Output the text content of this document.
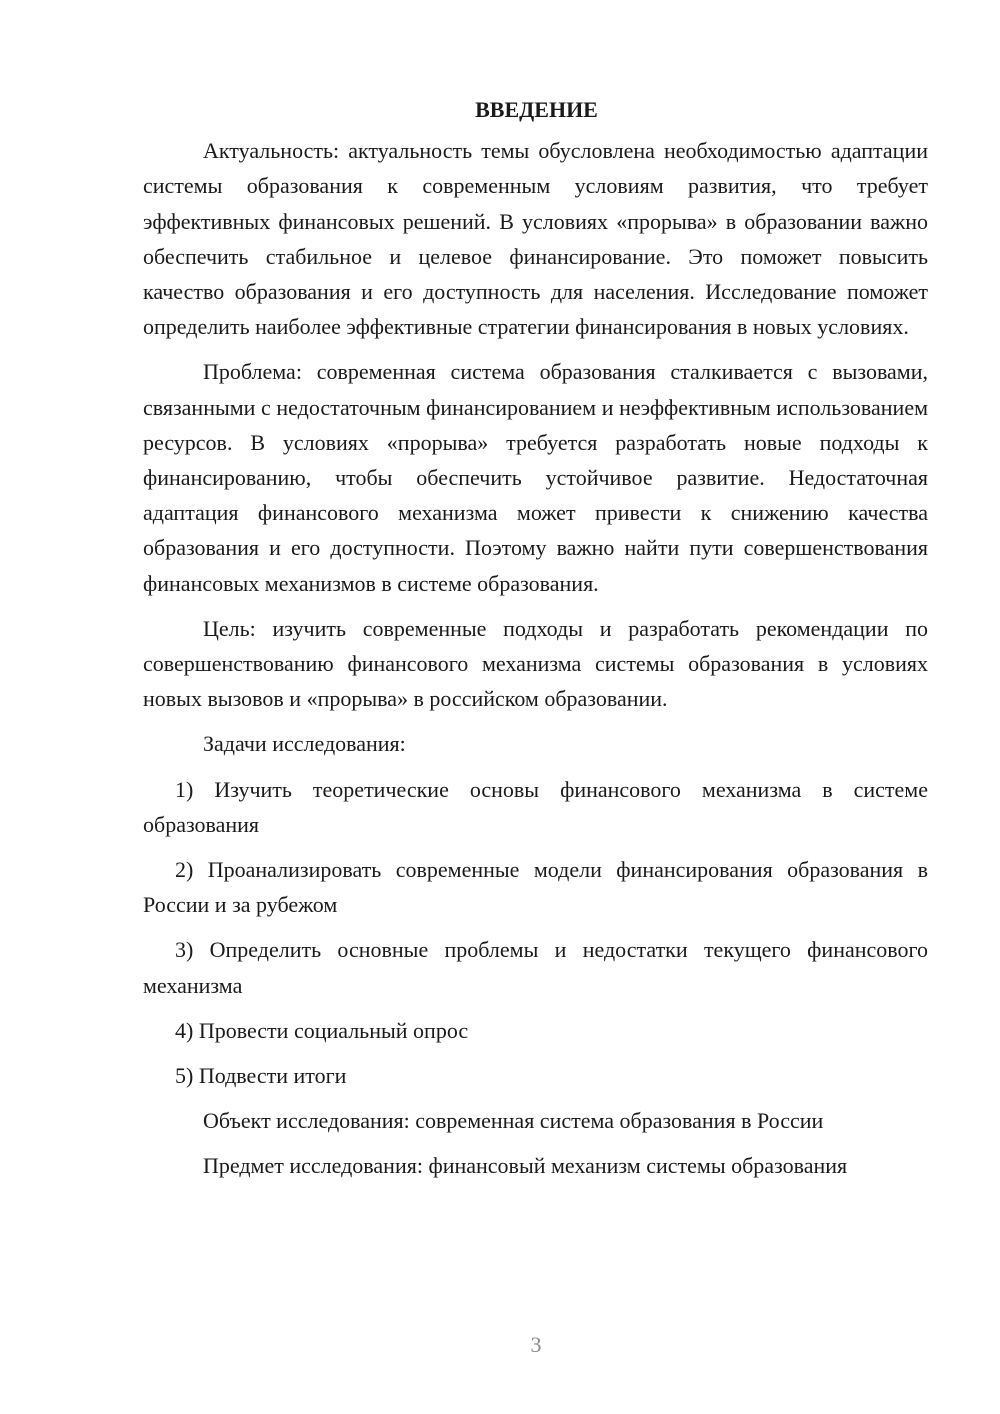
ВВЕДЕНИЕ

Актуальность: актуальность темы обусловлена необходимостью адаптации системы образования к современным условиям развития, что требует эффективных финансовых решений. В условиях «прорыва» в образовании важно обеспечить стабильное и целевое финансирование. Это поможет повысить качество образования и его доступность для населения. Исследование поможет определить наиболее эффективные стратегии финансирования в новых условиях.

Проблема: современная система образования сталкивается с вызовами, связанными с недостаточным финансированием и неэффективным использованием ресурсов. В условиях «прорыва» требуется разработать новые подходы к финансированию, чтобы обеспечить устойчивое развитие. Недостаточная адаптация финансового механизма может привести к снижению качества образования и его доступности. Поэтому важно найти пути совершенствования финансовых механизмов в системе образования.

Цель: изучить современные подходы и разработать рекомендации по совершенствованию финансового механизма системы образования в условиях новых вызовов и «прорыва» в российском образовании.

Задачи исследования:

1) Изучить теоретические основы финансового механизма в системе образования

2) Проанализировать современные модели финансирования образования в России и за рубежом

3) Определить основные проблемы и недостатки текущего финансового механизма

4) Провести социальный опрос

5) Подвести итоги

Объект исследования: современная система образования в России

Предмет исследования: финансовый механизм системы образования

3
